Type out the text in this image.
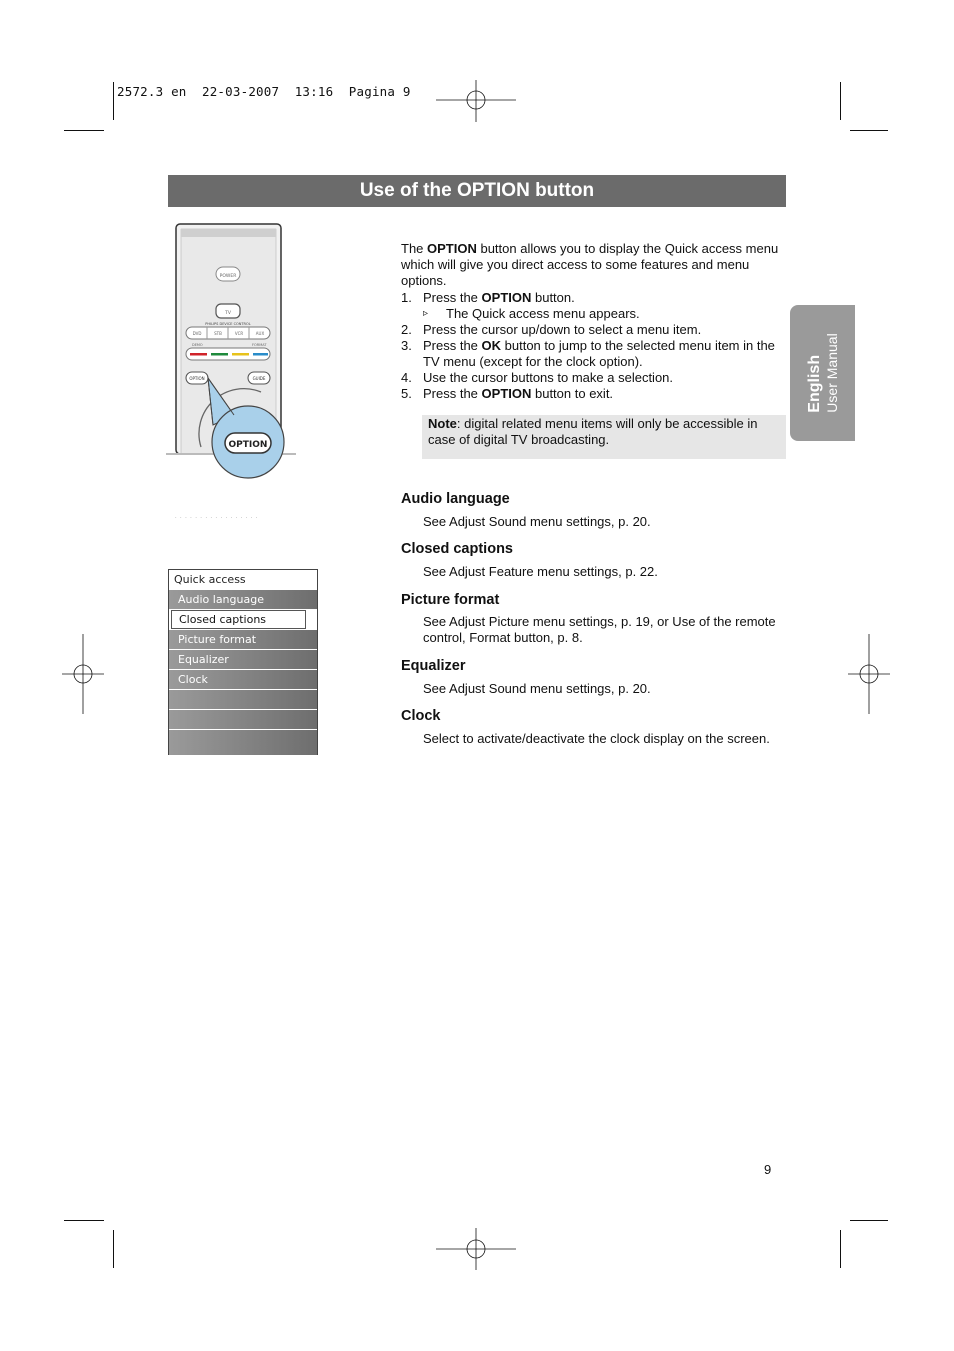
2572.3 en  22-03-2007  13:16  Pagina 9
Use of the OPTION button
POWER
TV
PHILIPS DEVICE CONTROL
DVD	STB	VCR	AUX
DEMO	FORMAT
OPTION	GUIDE
OPTION
· · · · · · · · · · · · · · · · ·
The OPTION button allows you to display the Quick access menu which will give you direct access to some features and menu options.
1. Press the OPTION button.
▹ The Quick access menu appears.
2. Press the cursor up/down to select a menu item.
3. Press the OK button to jump to the selected menu item in the TV menu (except for the clock option).
4. Use the cursor buttons to make a selection.
5. Press the OPTION button to exit.
Note: digital related menu items will only be accessible in case of digital TV broadcasting.
Audio language
See Adjust Sound menu settings, p. 20.
Closed captions
See Adjust Feature menu settings, p. 22.
Picture format
See Adjust Picture menu settings, p. 19, or Use of the remote control, Format button, p. 8.
Equalizer
See Adjust Sound menu settings, p. 20.
Clock
Select to activate/deactivate the clock display on the screen.
English User Manual
Quick access
Audio language
Closed captions
Picture format
Equalizer
Clock
9
